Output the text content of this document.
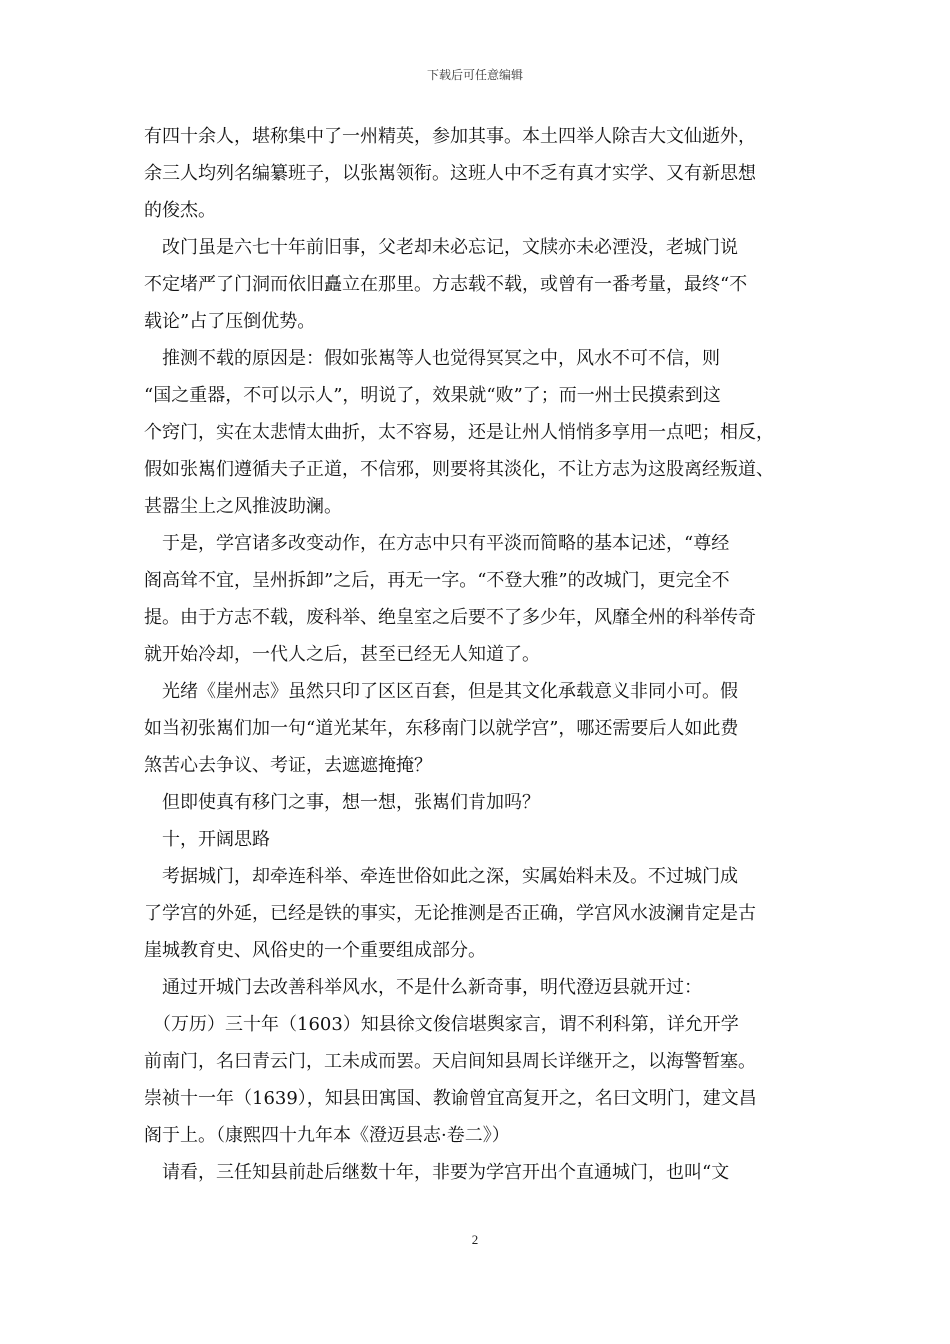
下载后可任意编辑
有四十余人，堪称集中了一州精英，参加其事。本土四举人除吉大文仙逝外，
余三人均列名编纂班子，以张嶲领衔。这班人中不乏有真才实学、又有新思想
的俊杰。
　改门虽是六七十年前旧事，父老却未必忘记，文牍亦未必湮没，老城门说
不定堵严了门洞而依旧矗立在那里。方志载不载，或曾有一番考量，最终“不
载论”占了压倒优势。
　推测不载的原因是：假如张嶲等人也觉得冥冥之中，风水不可不信，则
“国之重器，不可以示人”，明说了，效果就“败”了；而一州士民摸索到这
个窍门，实在太悲情太曲折，太不容易，还是让州人悄悄多享用一点吧；相反，
假如张嶲们遵循夫子正道，不信邪，则要将其淡化，不让方志为这股离经叛道、
甚嚣尘上之风推波助澜。
　于是，学宫诸多改变动作，在方志中只有平淡而简略的基本记述，“尊经
阁高耸不宜，呈州拆卸”之后，再无一字。“不登大雅”的改城门，更完全不
提。由于方志不载，废科举、绝皇室之后要不了多少年，风靡全州的科举传奇
就开始冷却，一代人之后，甚至已经无人知道了。
　光绪《崖州志》虽然只印了区区百套，但是其文化承载意义非同小可。假
如当初张嶲们加一句“道光某年，东移南门以就学宫”，哪还需要后人如此费
煞苦心去争议、考证，去遮遮掩掩？
　但即使真有移门之事，想一想，张嶲们肯加吗？
　十，开阔思路
　考据城门，却牵连科举、牵连世俗如此之深，实属始料未及。不过城门成
了学宫的外延，已经是铁的事实，无论推测是否正确，学宫风水波澜肯定是古
崖城教育史、风俗史的一个重要组成部分。
　通过开城门去改善科举风水，不是什么新奇事，明代澄迈县就开过：
　（万历）三十年（1603）知县徐文俊信堪舆家言，谓不利科第，详允开学
前南门，名曰青云门，工未成而罢。天启间知县周长详继开之，以海警暂塞。
崇祯十一年（1639），知县田寓国、教谕曾宜高复开之，名曰文明门，建文昌
阁于上。（康熙四十九年本《澄迈县志·卷二》）
　请看，三任知县前赴后继数十年，非要为学宫开出个直通城门，也叫“文
2
